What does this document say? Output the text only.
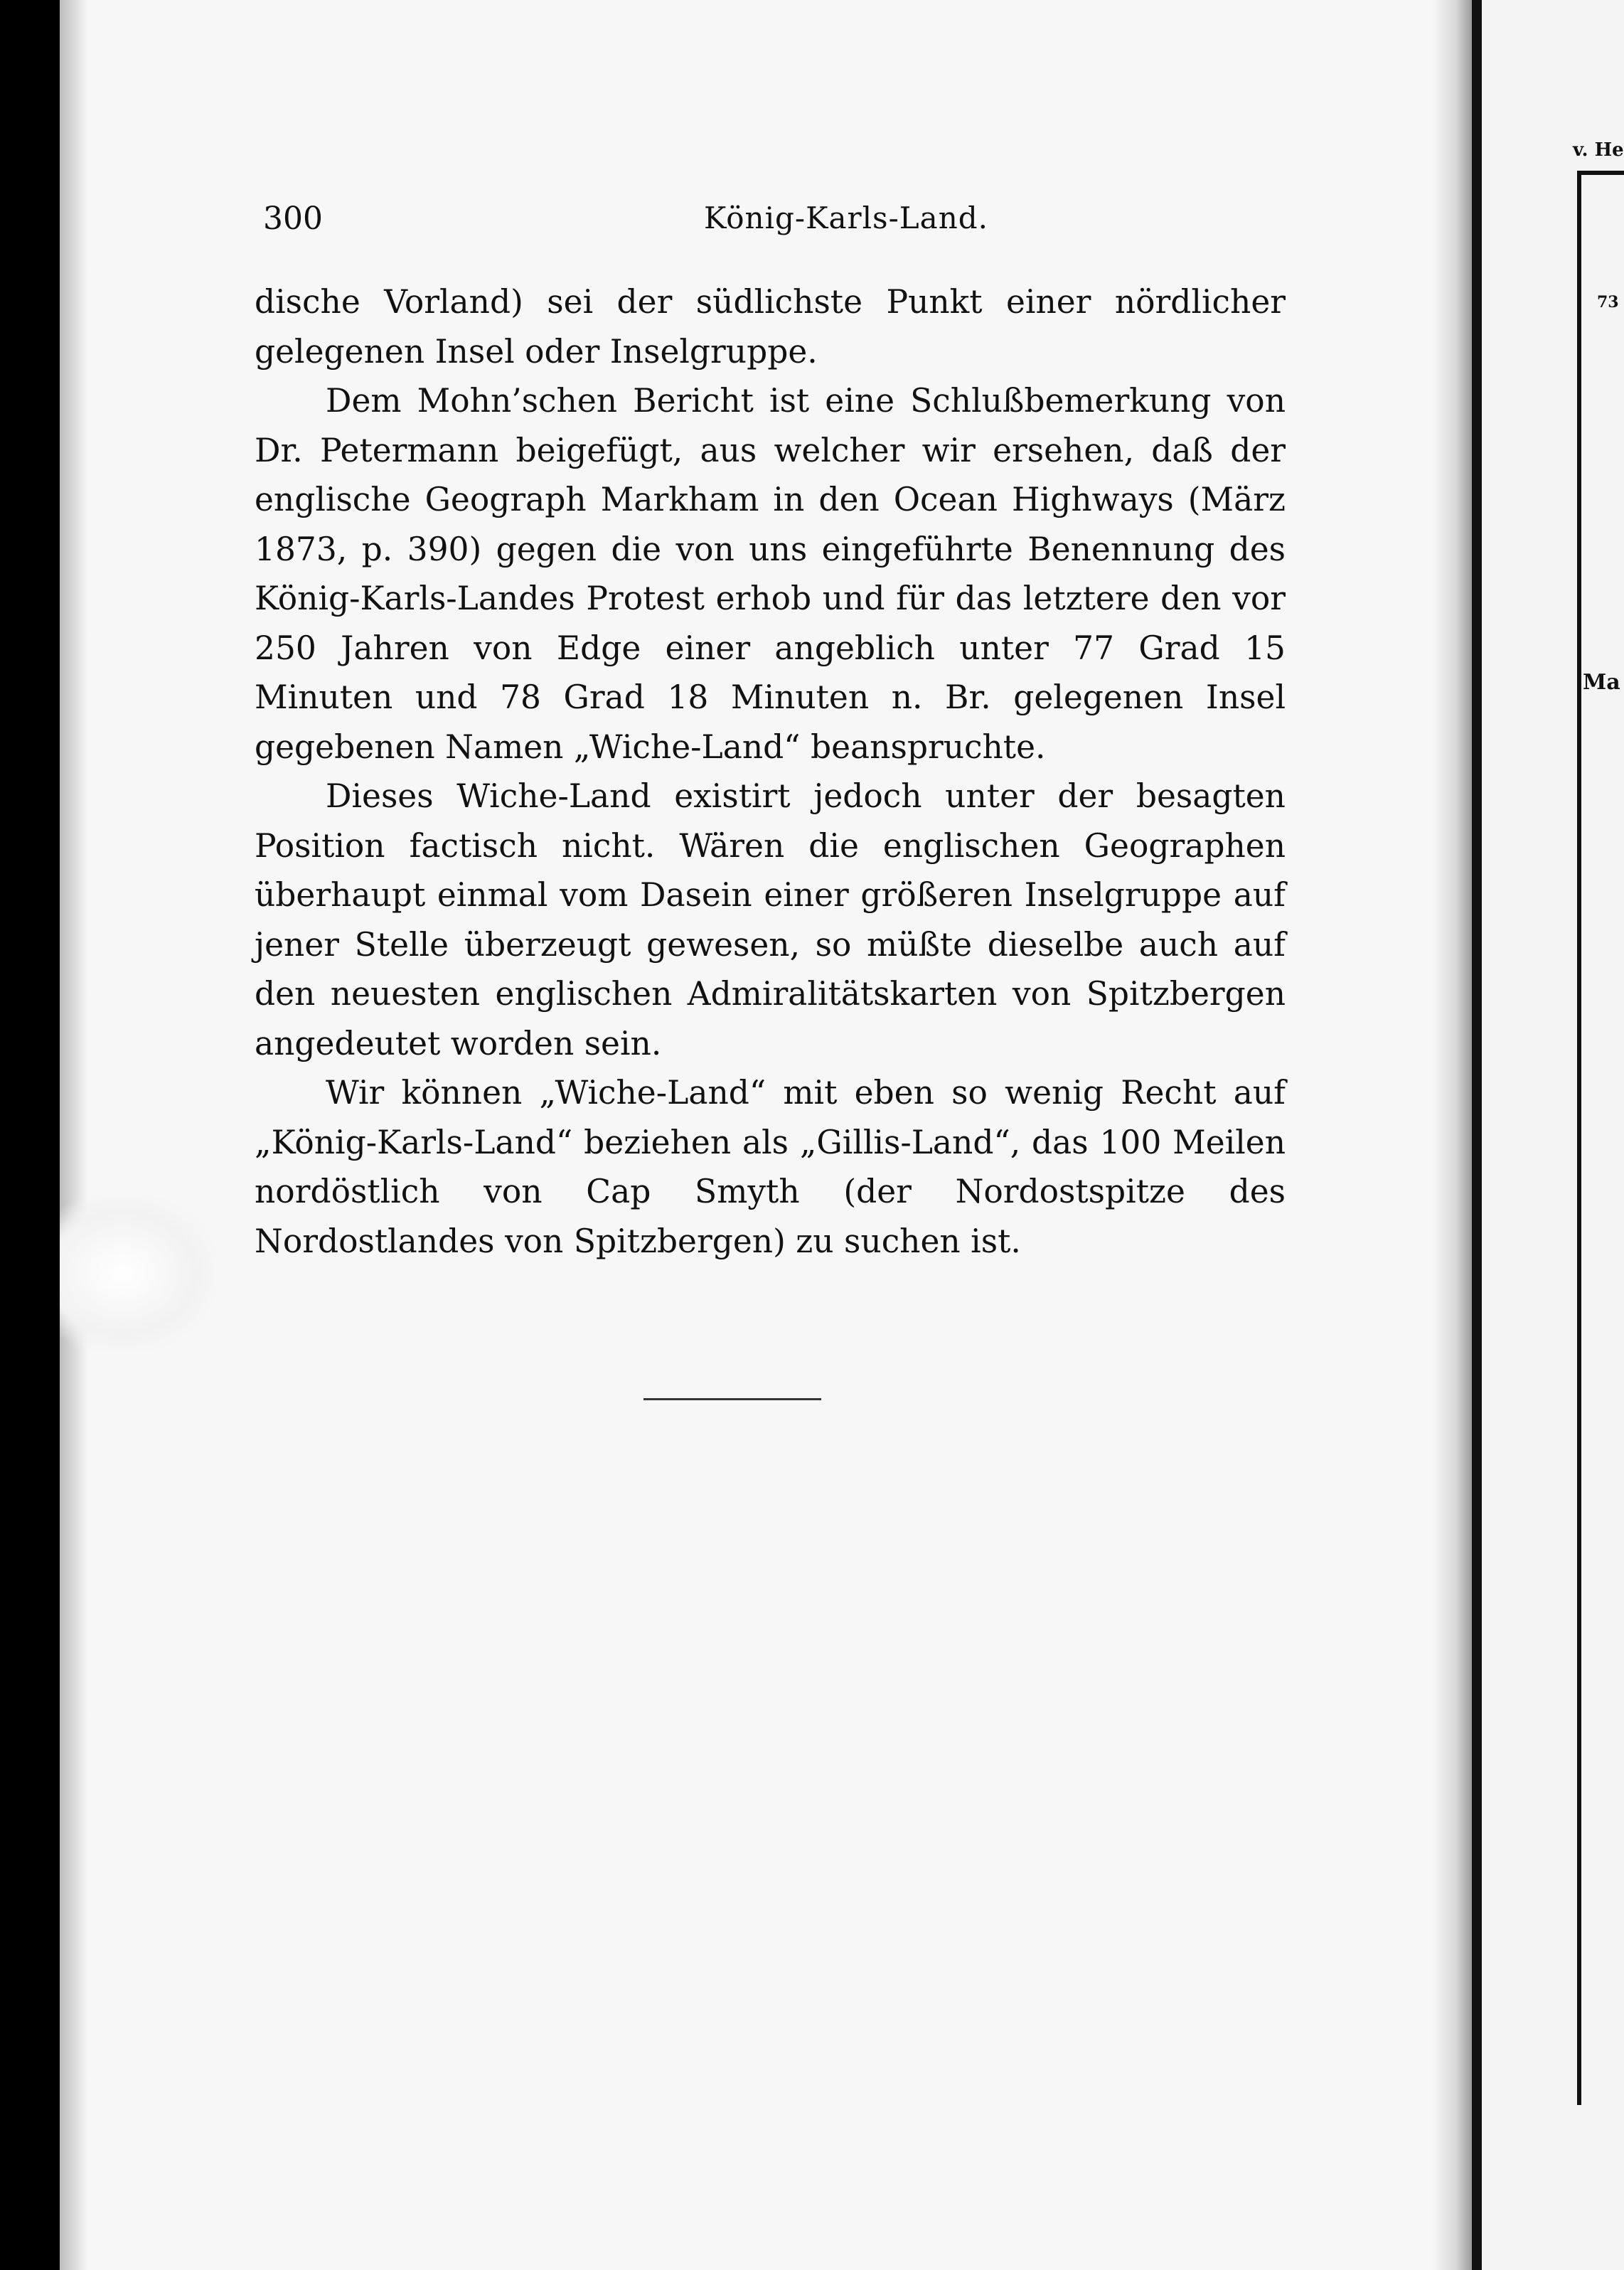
300	König-Karls-Land.

dische Vorland) sei der südlichste Punkt einer nördlicher gelegenen Insel oder Inselgruppe.

Dem Mohn’schen Bericht ist eine Schlußbemerkung von Dr. Petermann beigefügt, aus welcher wir ersehen, daß der englische Geograph Markham in den Ocean Highways (März 1873, p. 390) gegen die von uns eingeführte Benennung des König-Karls-Landes Protest erhob und für das letztere den vor 250 Jahren von Edge einer angeblich unter 77 Grad 15 Minuten und 78 Grad 18 Minuten n. Br. gelegenen Insel gegebenen Namen „Wiche-Land“ beanspruchte.

Dieses Wiche-Land existirt jedoch unter der besagten Position factisch nicht. Wären die englischen Geographen überhaupt einmal vom Dasein einer größeren Inselgruppe auf jener Stelle überzeugt gewesen, so müßte dieselbe auch auf den neuesten englischen Admiralitätskarten von Spitzbergen angedeutet worden sein.

Wir können „Wiche-Land“ mit eben so wenig Recht auf „König-Karls-Land“ beziehen als „Gillis-Land“, das 100 Meilen nordöstlich von Cap Smyth (der Nordostspitze des Nordostlandes von Spitzbergen) zu suchen ist.

v. He
73
Ma
